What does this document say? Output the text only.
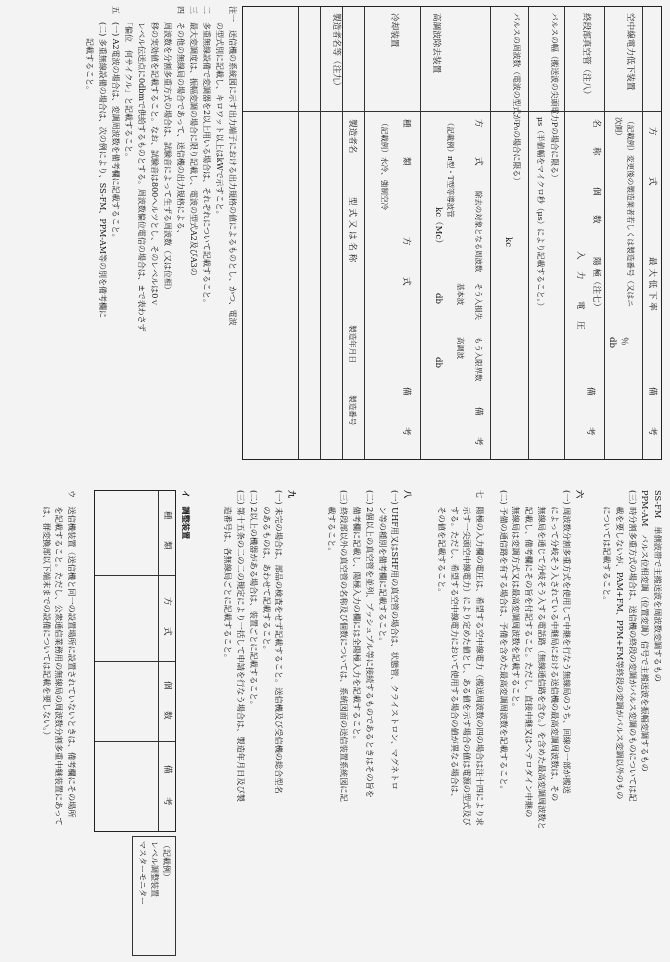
方
式
最 大 低 下 率
備
考
空中線電力低下装置
（記載例）変更後の製造業者若しくは製造番号（又はニ
次側）
％
終段部真空管（注八）
名
称
個
数
陽 極（注七）
入
力
電
圧
備
考
db
パルスの幅（搬送波の尖頭電力Pの場合に限る）
μs（半値幅をマイクロ秒（μs）により記載すること。）
パルスの周波数（電波の型式がP₀の場合に限る）
kc
高調波除去装置
方
式
除去の対象となる周波数
そう入損失
もう入限界数
備
考
（記載例）π型・T型等導波管
kc（Mc）
db
db
高調波
基本波
冷却装置
種
類
方
式
備
考
（記載例）水冷、強制空冷
製造者名等（注九）
製造者名
型 式 又 は 名 称
製造年月日
製造番号

注一　送信機の系統図に示す出力端子における出力規格の値によるものとし、かつ、電波

　　の型式別に記載し、キロワット以上はkWで示すこと。

二　多重無線設備で変調器を2以上用いる場合は、それぞれについて記載すること。

三　最大変調度は、振幅変調の場合に限り記載し、電波の型式A2及びA3の

四　その他の無線局の場合であって、送信機の出力規格による、

　　周波数を分割多重方式の場合は、試験音によって生ずる周波数（又は位相）

　　移の実効値を記載すること。なお、試験音は800ヘルツとし、そのレベルは0ｖ

　　レベル伝送点に0dbmで供給するものとする。周波数偏位電信の場合は、±で表わさず

　　「偏位　何サイクル」と記載すること。

五　(一) A2電波の場合は、変調周波数を備考欄に記載すること。

　　(二) 多重無線設備の場合は、次の例により、SS-FM、PPM-AM等の別を備考欄に

　　　　記載すること。

SS-FM　単側波帯で主搬送波を周波数変調するもの

PPM-AM　パルス位相変調（位置変調）信号で主搬送波を振幅変調するもの

(三) 時分割多重方式の場合は、送信機の終段の変調がパルス変調のものについては記

　　載を要しないが、PAM+FM、PPM+FM等終段の変調がパルス変調以外のもの

　　については記載すること。

六

(一) 周波数分割多重方式を使用して中継を行なう無線局のうち、回線の一部が搬送

　　によって分岐そう入されている中継局における送信機の最高変調周波数は、その

　　無線局を通じて分岐そう入する電話路（無線通信路を含む。）を含めた最高変調周波数と

　　記載し、備考欄にその旨を付記すること。ただし、直接中継又はヘテロダイン中継の

　　無線局は変調方式又は最高変調周波数を記載すること。

(二) 予備の通信路を有する場合は、予備を含めた最高変調周波数を記載すること。

七　陽極の入力欄の電圧は、希望する空中線電力（搬送周波数の四の場合は注十四により求

　　示す一尖頭空中線電力）により定めた値とし、ある値を示す場合の値は電源の型式及び

　　する。ただし、希望する空中線電力において使用する場合の値が異なる場合は、

　　その値を記載すること。

八

(一) UHF用又はSHF用の真空管の場合は、状態管、クライストロン、マグネトロ

　　ン等の種別を備考欄に記載すること。

(二) 2個以上の真空管を並列、プッシュプル等に接続するものであるときはその旨を

　　備考欄に記載し、陽極入力の欄には全陽極入力を記載すること。

(三) 終段部以外の真空管の名称及び個数については、系統図面の送信装置系統図に記

　　載すること。

九

(一) 未完の場合は、部品の検査をせず記載すること。送信機及び受信機の総合型名

　　のあるものは、あわせて記載すること。

(二) 2以上の機器がある場合は、装置ごとに記載すること。

(三) 第十五条の二の二の規定により一括して申請を行なう場合は、製造年月日及び製

　　造番号は、各無線局ごとに記載すること。

イ　調整装置

種
類
方
式
個
数
備
考
（記載例）
レベル調整装置
マスターモニター

ウ　送信機装置（送信機と同一の設置場所に設置されていないときは、備考欄にその場所

　　を記載すること。ただし、公衆通信業務用の無線局の周波数分割多重中継装置にあって

　　は、群変換部以下端末までの設備については記載を要しない。）
